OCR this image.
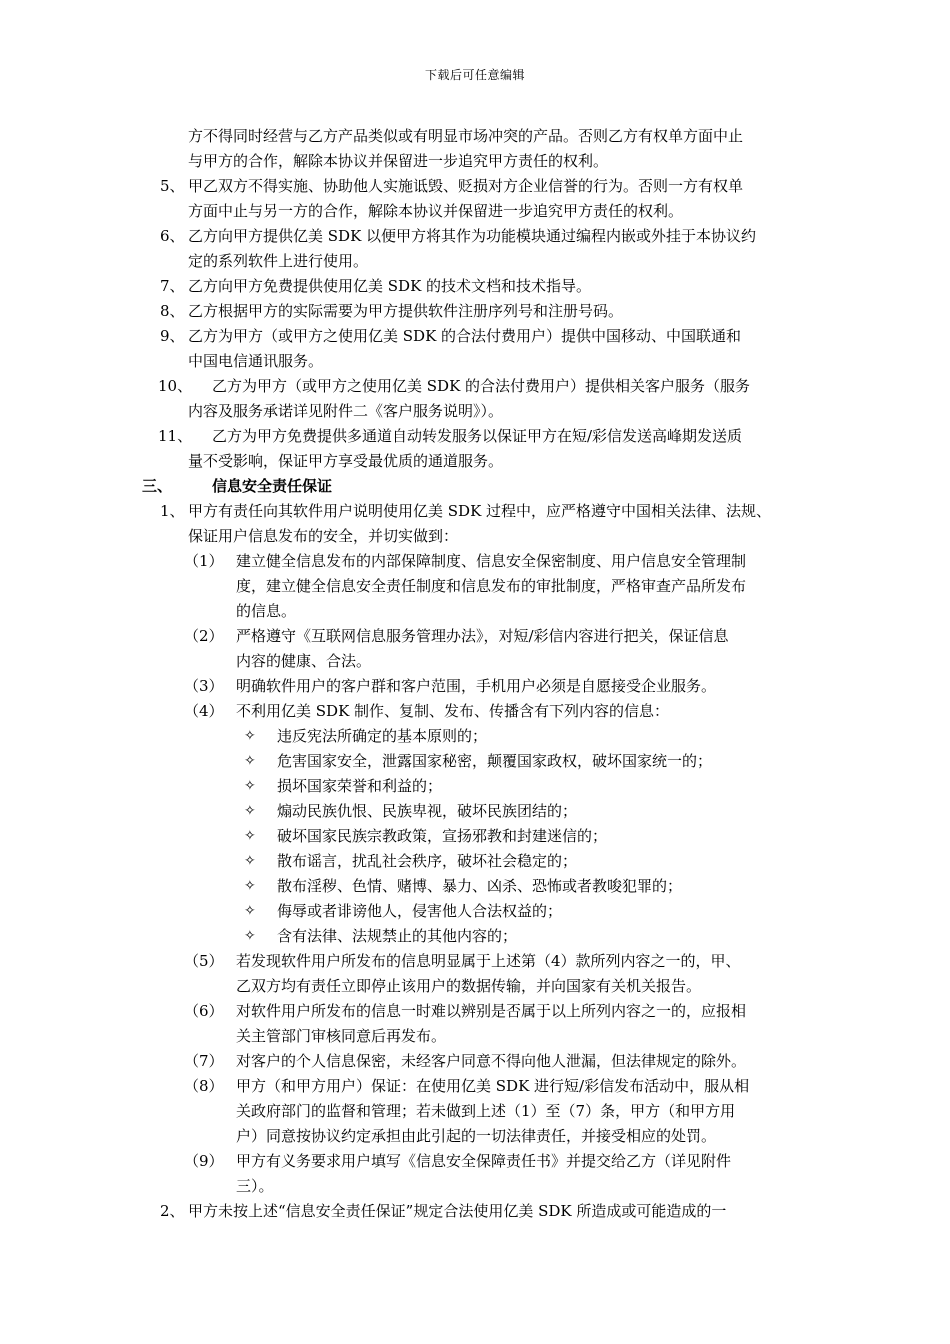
下载后可任意编辑
方不得同时经营与乙方产品类似或有明显市场冲突的产品。否则乙方有权单方面中止
与甲方的合作，解除本协议并保留进一步追究甲方责任的权利。
5、 甲乙双方不得实施、协助他人实施诋毁、贬损对方企业信誉的行为。否则一方有权单
方面中止与另一方的合作，解除本协议并保留进一步追究甲方责任的权利。
6、 乙方向甲方提供亿美 SDK 以便甲方将其作为功能模块通过编程内嵌或外挂于本协议约
定的系列软件上进行使用。
7、 乙方向甲方免费提供使用亿美 SDK 的技术文档和技术指导。
8、 乙方根据甲方的实际需要为甲方提供软件注册序列号和注册号码。
9、 乙方为甲方（或甲方之使用亿美 SDK 的合法付费用户）提供中国移动、中国联通和
中国电信通讯服务。
10、 乙方为甲方（或甲方之使用亿美 SDK 的合法付费用户）提供相关客户服务（服务
内容及服务承诺详见附件二《客户服务说明》）。
11、 乙方为甲方免费提供多通道自动转发服务以保证甲方在短/彩信发送高峰期发送质
量不受影响，保证甲方享受最优质的通道服务。
三、	信息安全责任保证
1、 甲方有责任向其软件用户说明使用亿美 SDK 过程中，应严格遵守中国相关法律、法规、
保证用户信息发布的安全，并切实做到：
（1） 建立健全信息发布的内部保障制度、信息安全保密制度、用户信息安全管理制
度，建立健全信息安全责任制度和信息发布的审批制度，严格审查产品所发布
的信息。
（2） 严格遵守《互联网信息服务管理办法》，对短/彩信内容进行把关，保证信息
内容的健康、合法。
（3） 明确软件用户的客户群和客户范围，手机用户必须是自愿接受企业服务。
（4） 不利用亿美 SDK 制作、复制、发布、传播含有下列内容的信息：
✧ 违反宪法所确定的基本原则的；
✧ 危害国家安全，泄露国家秘密，颠覆国家政权，破坏国家统一的；
✧ 损坏国家荣誉和利益的；
✧ 煽动民族仇恨、民族卑视，破坏民族团结的；
✧ 破坏国家民族宗教政策，宣扬邪教和封建迷信的；
✧ 散布谣言，扰乱社会秩序，破坏社会稳定的；
✧ 散布淫秽、色情、赌博、暴力、凶杀、恐怖或者教唆犯罪的；
✧ 侮辱或者诽谤他人，侵害他人合法权益的；
✧ 含有法律、法规禁止的其他内容的；
（5） 若发现软件用户所发布的信息明显属于上述第（4）款所列内容之一的，甲、
乙双方均有责任立即停止该用户的数据传输，并向国家有关机关报告。
（6） 对软件用户所发布的信息一时难以辨别是否属于以上所列内容之一的，应报相
关主管部门审核同意后再发布。
（7） 对客户的个人信息保密，未经客户同意不得向他人泄漏，但法律规定的除外。
（8） 甲方（和甲方用户）保证：在使用亿美 SDK 进行短/彩信发布活动中，服从相
关政府部门的监督和管理；若未做到上述（1）至（7）条，甲方（和甲方用
户）同意按协议约定承担由此引起的一切法律责任，并接受相应的处罚。
（9） 甲方有义务要求用户填写《信息安全保障责任书》并提交给乙方（详见附件
三）。
2、 甲方未按上述“信息安全责任保证”规定合法使用亿美 SDK 所造成或可能造成的一
